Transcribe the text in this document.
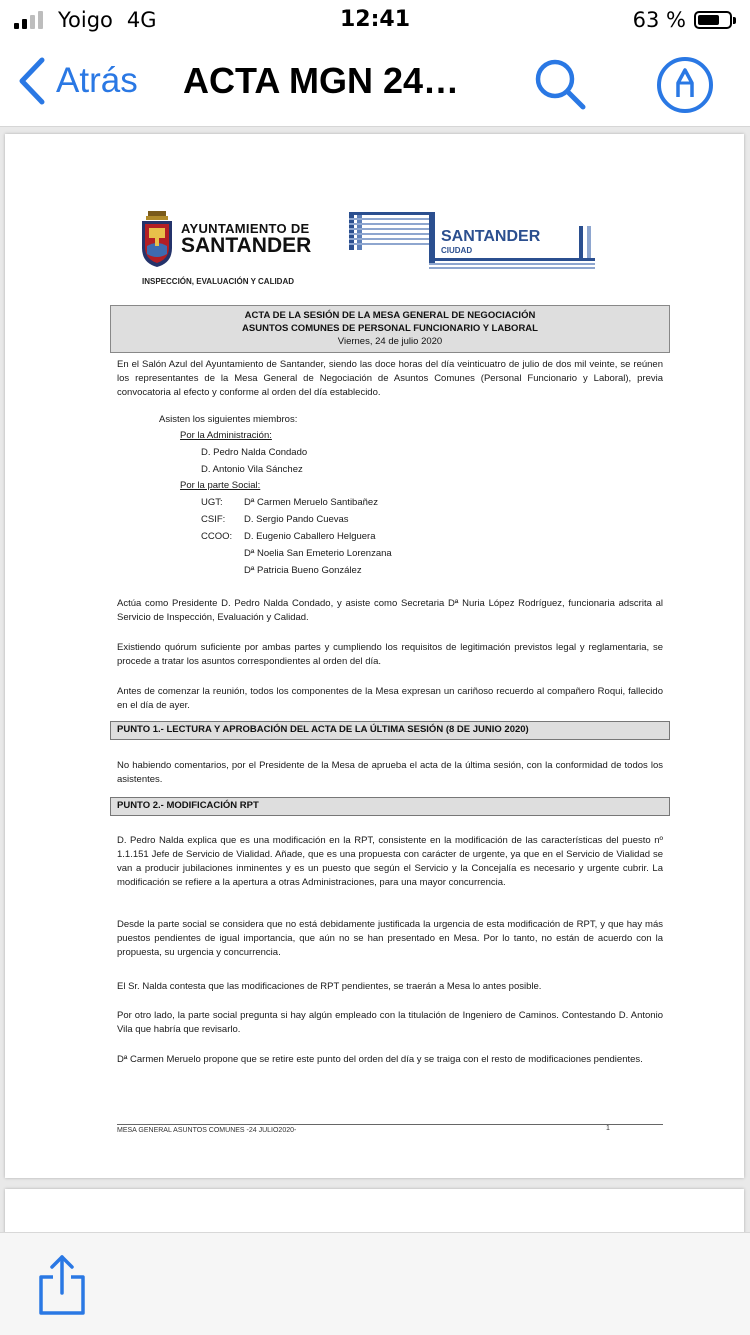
Yoigo 4G	12:41	63 %
Atrás ACTA MGN 24…
AYUNTAMIENTO DE
SANTANDER
INSPECCIÓN, EVALUACIÓN Y CALIDAD
SANTANDER
CIUDAD
ACTA DE LA SESIÓN DE LA MESA GENERAL DE NEGOCIACIÓN
ASUNTOS COMUNES DE PERSONAL FUNCIONARIO Y LABORAL
Viernes, 24 de julio 2020
En el Salón Azul del Ayuntamiento de Santander, siendo las doce horas del día veinticuatro de julio de dos mil veinte, se reúnen los representantes de la Mesa General de Negociación de Asuntos Comunes (Personal Funcionario y Laboral), previa convocatoria al efecto y conforme al orden del día establecido.
Asisten los siguientes miembros:
Por la Administración:
D. Pedro Nalda Condado
D. Antonio Vila Sánchez
Por la parte Social:
UGT: Dª Carmen Meruelo Santibañez
CSIF: D. Sergio Pando Cuevas
CCOO: D. Eugenio Caballero Helguera
Dª Noelia San Emeterio Lorenzana
Dª Patricia Bueno González
Actúa como Presidente D. Pedro Nalda Condado, y asiste como Secretaria Dª Nuria López Rodríguez, funcionaria adscrita al Servicio de Inspección, Evaluación y Calidad.
Existiendo quórum suficiente por ambas partes y cumpliendo los requisitos de legitimación previstos legal y reglamentaria, se procede a tratar los asuntos correspondientes al orden del día.
Antes de comenzar la reunión, todos los componentes de la Mesa expresan un cariñoso recuerdo al compañero Roqui, fallecido en el día de ayer.
PUNTO 1.- LECTURA Y APROBACIÓN DEL ACTA DE LA ÚLTIMA SESIÓN (8 DE JUNIO 2020)
No habiendo comentarios, por el Presidente de la Mesa de aprueba el acta de la última sesión, con la conformidad de todos los asistentes.
PUNTO 2.- MODIFICACIÓN RPT
D. Pedro Nalda explica que es una modificación en la RPT, consistente en la modificación de las características del puesto nº 1.1.151 Jefe de Servicio de Vialidad. Añade, que es una propuesta con carácter de urgente, ya que en el Servicio de Vialidad se van a producir jubilaciones inminentes y es un puesto que según el Servicio y la Concejalía es necesario y urgente cubrir. La modificación se refiere a la apertura a otras Administraciones, para una mayor concurrencia.
Desde la parte social se considera que no está debidamente justificada la urgencia de esta modificación de RPT, y que hay más puestos pendientes de igual importancia, que aún no se han presentado en Mesa. Por lo tanto, no están de acuerdo con la propuesta, su urgencia y concurrencia.
El Sr. Nalda contesta que las modificaciones de RPT pendientes, se traerán a Mesa lo antes posible.
Por otro lado, la parte social pregunta si hay algún empleado con la titulación de Ingeniero de Caminos. Contestando D. Antonio Vila que habría que revisarlo.
Dª Carmen Meruelo propone que se retire este punto del orden del día y se traiga con el resto de modificaciones pendientes.
MESA GENERAL ASUNTOS COMUNES -24 JULIO2020-	1
